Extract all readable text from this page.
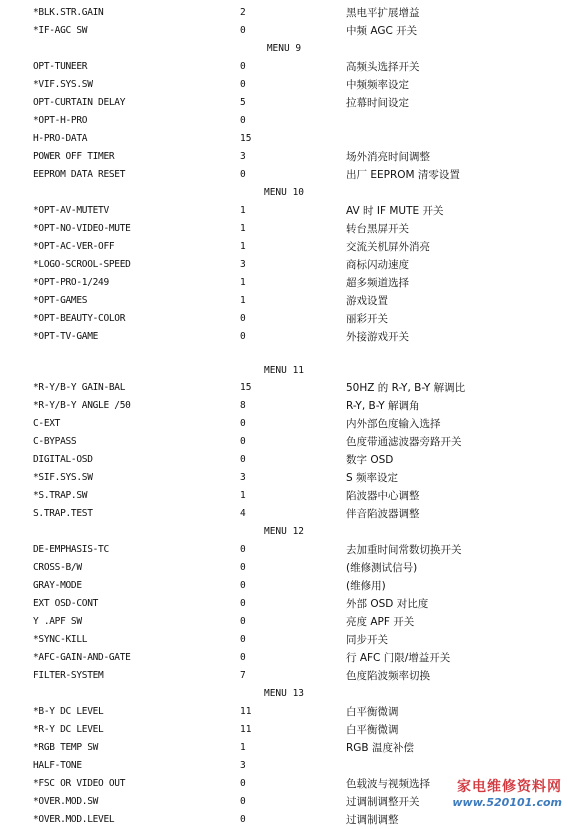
*BLK.STR.GAIN	2	黑电平扩展增益
*IF-AGC SW	0	中频 AGC 开关
MENU 9
OPT-TUNEER	0	高频头选择开关
*VIF.SYS.SW	0	中频频率设定
OPT-CURTAIN DELAY	5	拉幕时间设定
*OPT-H-PRO	0
H-PRO-DATA	15
POWER OFF TIMER	3	场外消亮时间调整
EEPROM DATA RESET	0	出厂 EEPROM 清零设置
MENU 10
*OPT-AV-MUTETV	1	AV 时 IF MUTE 开关
*OPT-NO-VIDEO-MUTE	1	转台黑屏开关
*OPT-AC-VER-OFF	1	交流关机屏外消亮
*LOGO-SCROOL-SPEED	3	商标闪动速度
*OPT-PRO-1/249	1	超多频道选择
*OPT-GAMES	1	游戏设置
*OPT-BEAUTY-COLOR	0	丽彩开关
*OPT-TV-GAME	0	外接游戏开关
MENU 11
*R-Y/B-Y GAIN-BAL	15	50HZ 的 R-Y, B-Y 解调比
*R-Y/B-Y ANGLE /50	8	R-Y, B-Y 解调角
C-EXT	0	内外部色度输入选择
C-BYPASS	0	色度带通滤波器旁路开关
DIGITAL-OSD	0	数字 OSD
*SIF.SYS.SW	3	S 频率设定
*S.TRAP.SW	1	陷波器中心调整
S.TRAP.TEST	4	伴音陷波器调整
MENU 12
DE-EMPHASIS-TC	0	去加重时间常数切换开关
CROSS-B/W	0	(维修测试信号)
GRAY-MODE	0	(维修用)
EXT OSD-CONT	0	外部 OSD 对比度
Y .APF SW	0	亮度 APF 开关
*SYNC-KILL	0	同步开关
*AFC-GAIN-AND-GATE	0	行 AFC 门限/增益开关
FILTER-SYSTEM	7	色度陷波频率切换
MENU 13
*B-Y DC LEVEL	11	白平衡微调
*R-Y DC LEVEL	11	白平衡微调
*RGB TEMP SW	1	RGB 温度补偿
HALF-TONE	3
*FSC OR VIDEO OUT	0	色载波与视频选择
*OVER.MOD.SW	0	过调制调整开关
*OVER.MOD.LEVEL	0	过调制调整
家电维修资料网
www.520101.com
